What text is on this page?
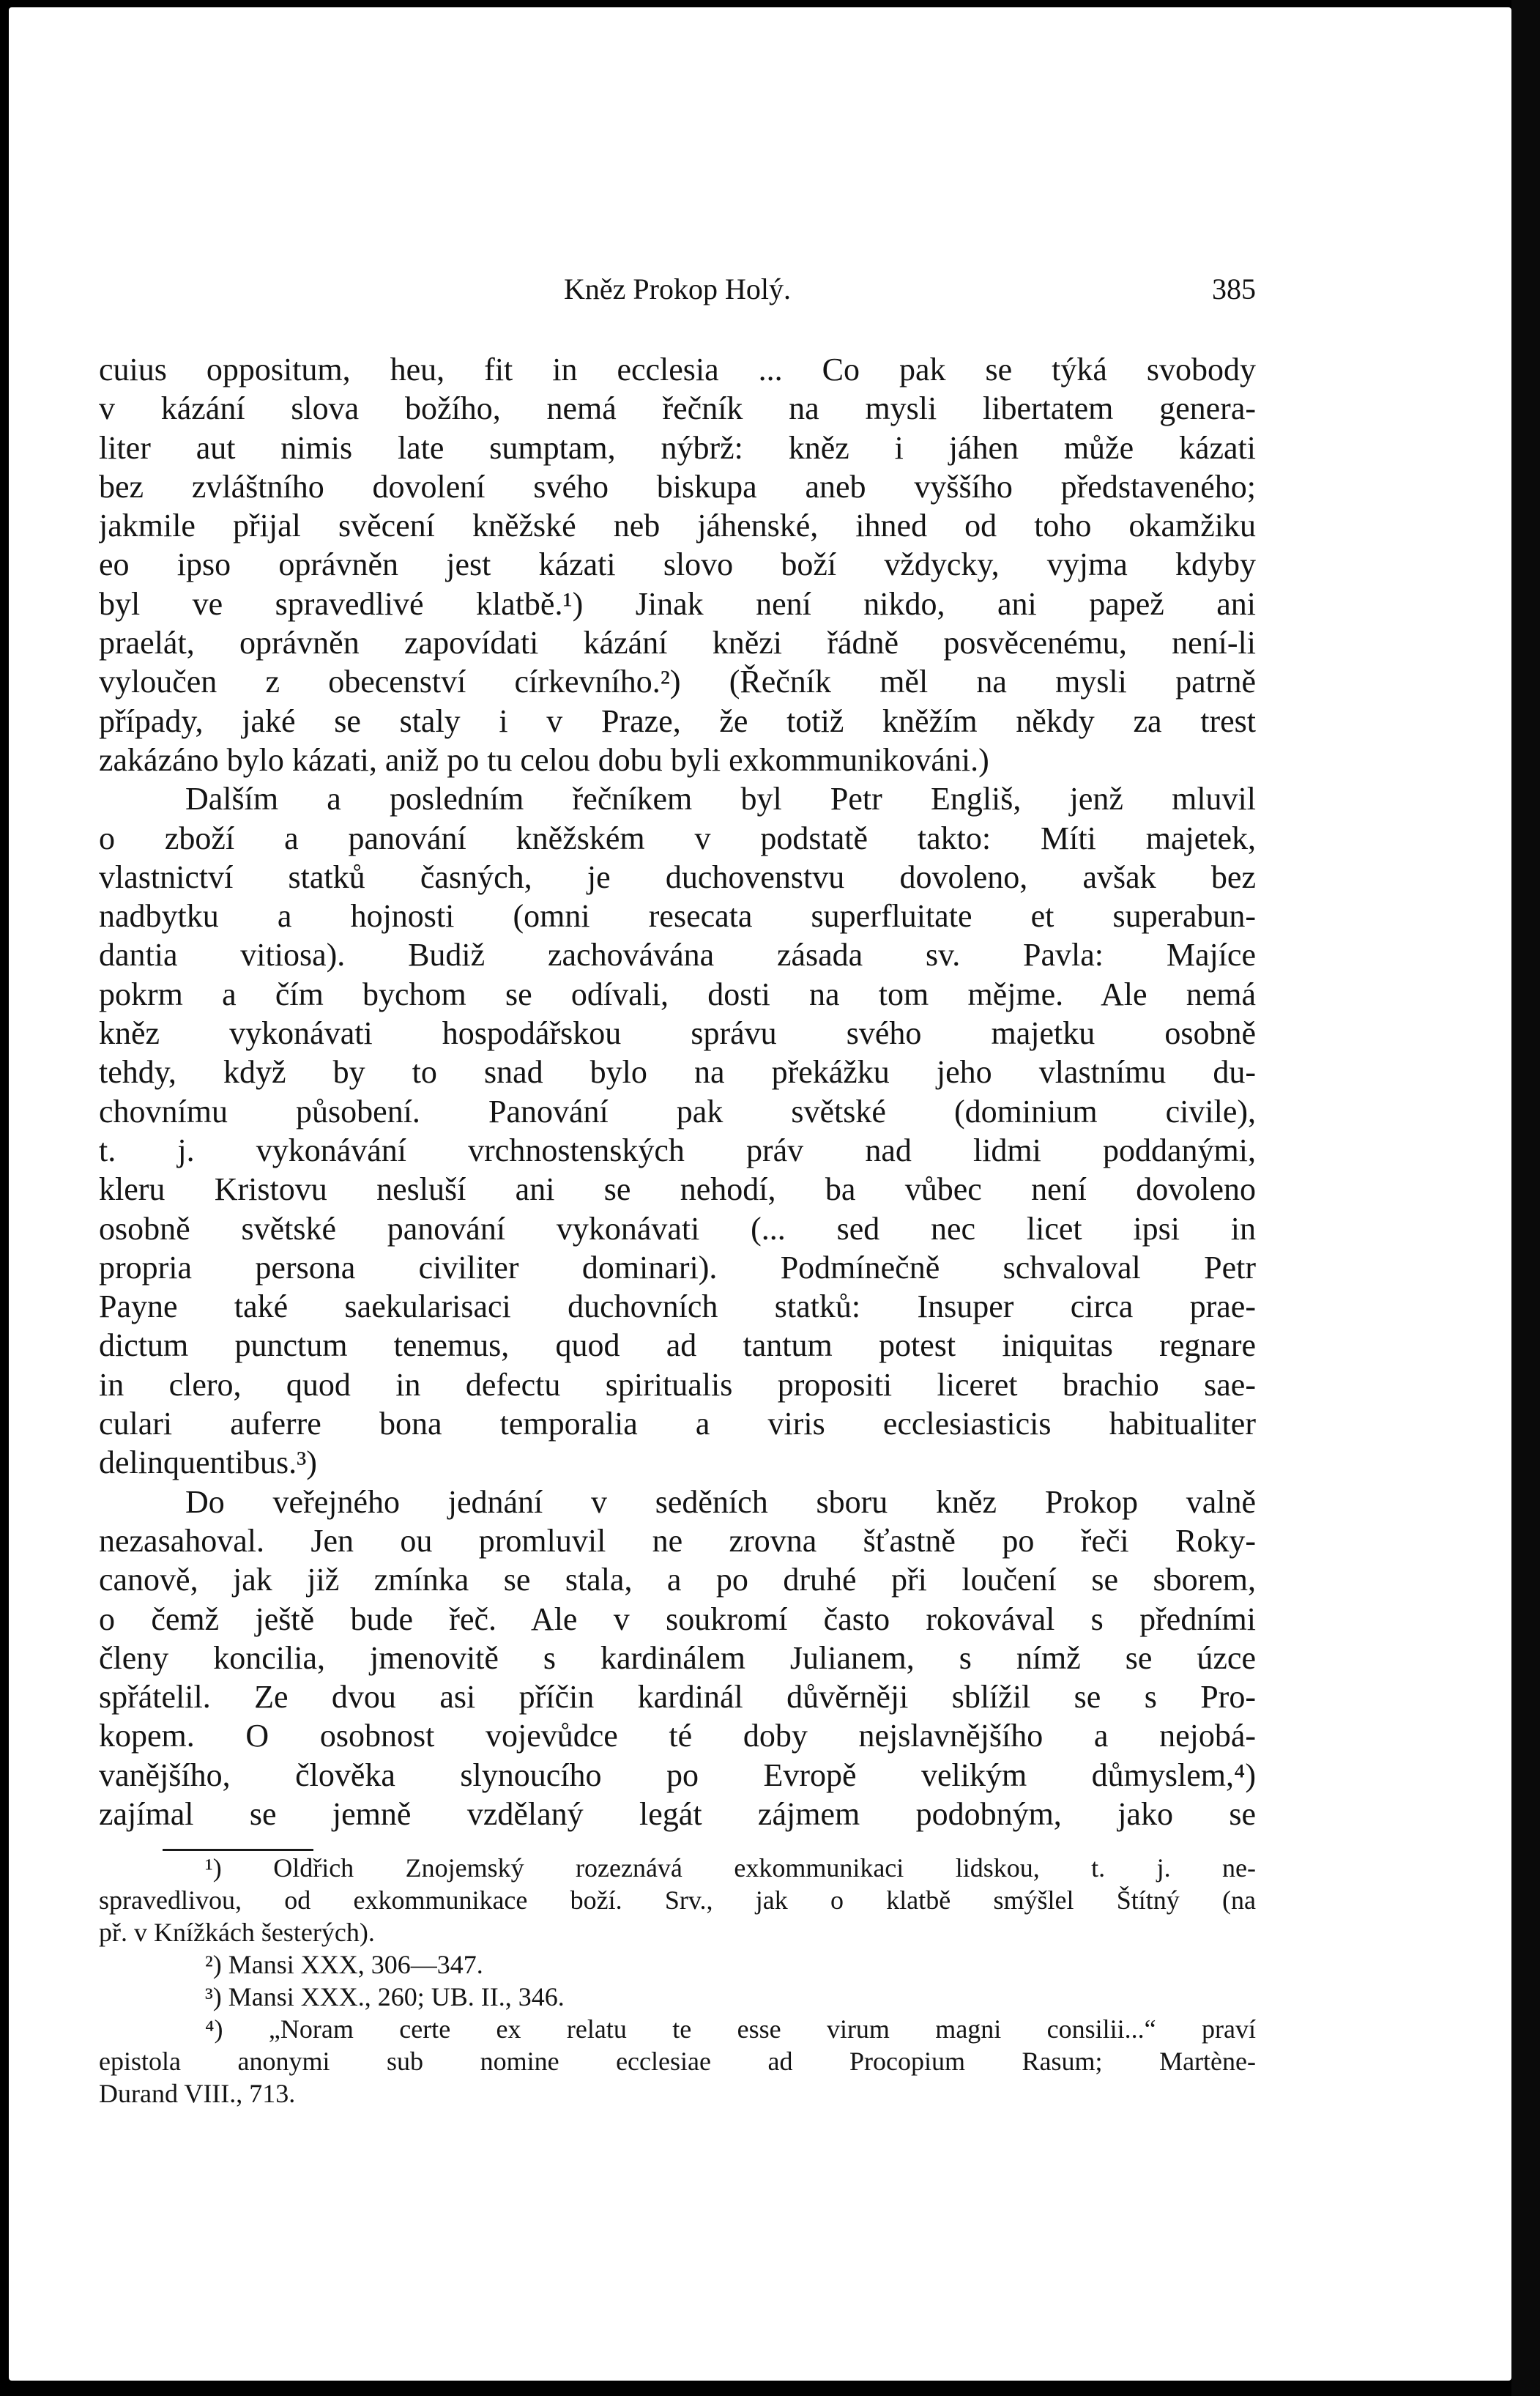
Kněz Prokop Holý.	385
cuius oppositum, heu, fit in ecclesia ... Co pak se týká svobody
v kázání slova božího, nemá řečník na mysli libertatem genera-
liter aut nimis late sumptam, nýbrž: kněz i jáhen může kázati
bez zvláštního dovolení svého biskupa aneb vyššího představeného;
jakmile přijal svěcení kněžské neb jáhenské, ihned od toho okamžiku
eo ipso oprávněn jest kázati slovo boží vždycky, vyjma kdyby
byl ve spravedlivé klatbě.¹) Jinak není nikdo, ani papež ani
praelát, oprávněn zapovídati kázání knězi řádně posvěcenému, není-li
vyloučen z obecenství církevního.²) (Řečník měl na mysli patrně
případy, jaké se staly i v Praze, že totiž kněžím někdy za trest
zakázáno bylo kázati, aniž po tu celou dobu byli exkommunikováni.)
Dalším a posledním řečníkem byl Petr Engliš, jenž mluvil
o zboží a panování kněžském v podstatě takto: Míti majetek,
vlastnictví statků časných, je duchovenstvu dovoleno, avšak bez
nadbytku a hojnosti (omni resecata superfluitate et superabun-
dantia vitiosa). Budiž zachovávána zásada sv. Pavla: Majíce
pokrm a čím bychom se odívali, dosti na tom mějme. Ale nemá
kněz vykonávati hospodářskou správu svého majetku osobně
tehdy, když by to snad bylo na překážku jeho vlastnímu du-
chovnímu působení. Panování pak světské (dominium civile),
t. j. vykonávání vrchnostenských práv nad lidmi poddanými,
kleru Kristovu nesluší ani se nehodí, ba vůbec není dovoleno
osobně světské panování vykonávati (... sed nec licet ipsi in
propria persona civiliter dominari). Podmínečně schvaloval Petr
Payne také saekularisaci duchovních statků: Insuper circa prae-
dictum punctum tenemus, quod ad tantum potest iniquitas regnare
in clero, quod in defectu spiritualis propositi liceret brachio sae-
culari auferre bona temporalia a viris ecclesiasticis habitualiter
delinquentibus.³)
Do veřejného jednání v seděních sboru kněz Prokop valně
nezasahoval. Jen ou promluvil ne zrovna šťastně po řeči Roky-
canově, jak již zmínka se stala, a po druhé při loučení se sborem,
o čemž ještě bude řeč. Ale v soukromí často rokovával s předními
členy koncilia, jmenovitě s kardinálem Julianem, s nímž se úzce
spřátelil. Ze dvou asi příčin kardinál důvěrněji sblížil se s Pro-
kopem. O osobnost vojevůdce té doby nejslavnějšího a nejobá-
vanějšího, člověka slynoucího po Evropě velikým důmyslem,⁴)
zajímal se jemně vzdělaný legát zájmem podobným, jako se
¹) Oldřich Znojemský rozeznává exkommunikaci lidskou, t. j. ne-
spravedlivou, od exkommunikace boží. Srv., jak o klatbě smýšlel Štítný (na
př. v Knížkách šesterých).
²) Mansi XXX, 306—347.
³) Mansi XXX., 260; UB. II., 346.
⁴) „Noram certe ex relatu te esse virum magni consilii...“ praví
epistola anonymi sub nomine ecclesiae ad Procopium Rasum; Martène-
Durand VIII., 713.
